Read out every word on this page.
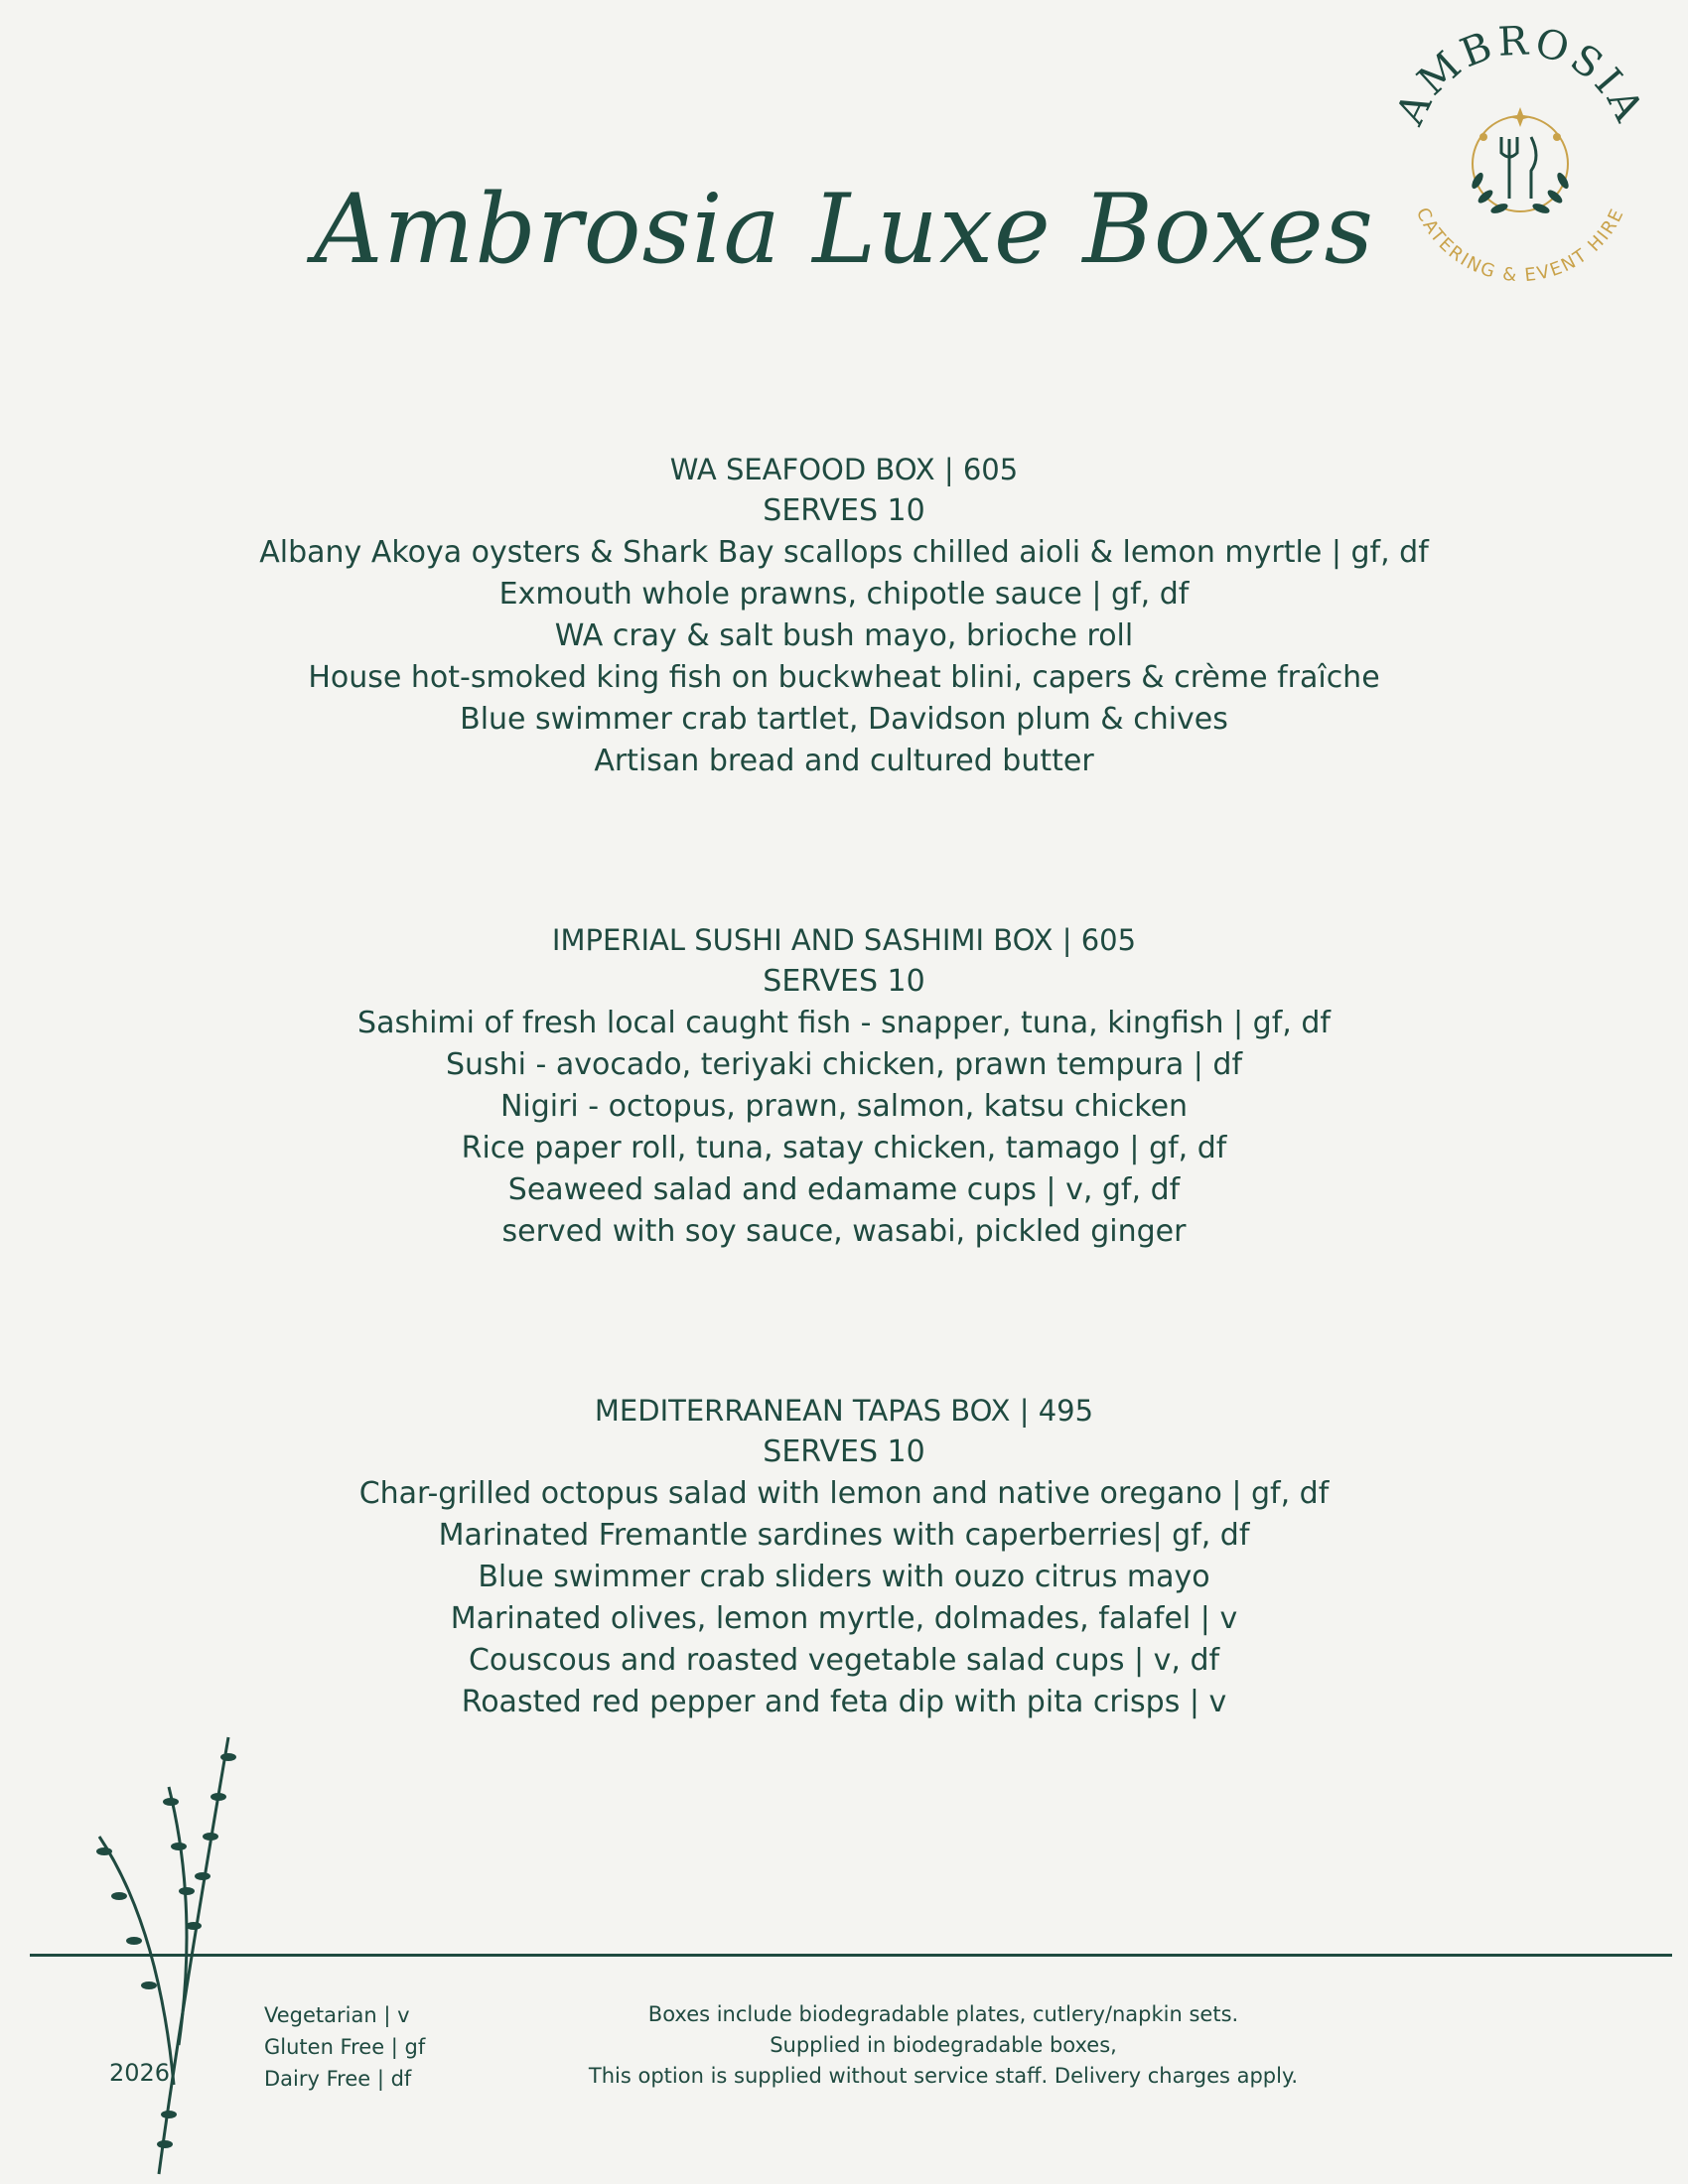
Ambrosia Luxe Boxes
AMBROSIA
CATERING & EVENT HIRE
WA SEAFOOD BOX | 605
SERVES 10
Albany Akoya oysters & Shark Bay scallops chilled aioli & lemon myrtle | gf, df
Exmouth whole prawns, chipotle sauce | gf, df
WA cray & salt bush mayo, brioche roll
House hot-smoked king fish on buckwheat blini, capers & crème fraîche
Blue swimmer crab tartlet, Davidson plum & chives
Artisan bread and cultured butter
IMPERIAL SUSHI AND SASHIMI BOX | 605
SERVES 10
Sashimi of fresh local caught fish - snapper, tuna, kingfish | gf, df
Sushi - avocado, teriyaki chicken, prawn tempura | df
Nigiri - octopus, prawn, salmon, katsu chicken
Rice paper roll, tuna, satay chicken, tamago | gf, df
Seaweed salad and edamame cups | v, gf, df
served with soy sauce, wasabi, pickled ginger
MEDITERRANEAN TAPAS BOX | 495
SERVES 10
Char-grilled octopus salad with lemon and native oregano | gf, df
Marinated Fremantle sardines with caperberries| gf, df
Blue swimmer crab sliders with ouzo citrus mayo
Marinated olives, lemon myrtle, dolmades, falafel | v
Couscous and roasted vegetable salad cups | v, df
Roasted red pepper and feta dip with pita crisps | v
2026
Vegetarian | v
Gluten Free | gf
Dairy Free | df
Boxes include biodegradable plates, cutlery/napkin sets.
Supplied in biodegradable boxes,
This option is supplied without service staff. Delivery charges apply.
